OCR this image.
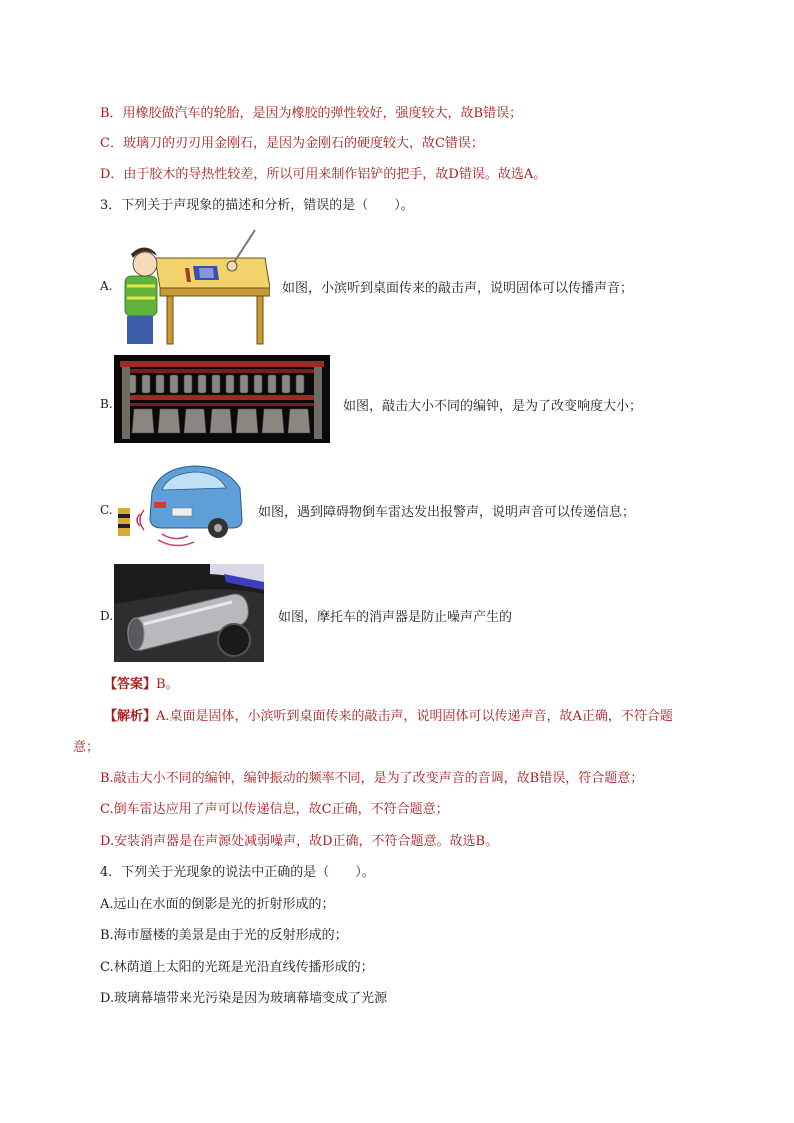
B．用橡胶做汽车的轮胎，是因为橡胶的弹性较好，强度较大，故B错误；
C．玻璃刀的刃刃用金刚石，是因为金刚石的硬度较大，故C错误；
D．由于胶木的导热性较差，所以可用来制作铝铲的把手，故D错误。故选A。
3．下列关于声现象的描述和分析，错误的是（　　）。
A.	如图，小滨听到桌面传来的敲击声，说明固体可以传播声音；
B.	如图，敲击大小不同的编钟，是为了改变响度大小；
C.	如图，遇到障碍物倒车雷达发出报警声，说明声音可以传递信息；
D.	如图，摩托车的消声器是防止噪声产生的
【答案】B。
【解析】A.桌面是固体，小滨听到桌面传来的敲击声，说明固体可以传递声音，故A正确，不符合题
意；
B.敲击大小不同的编钟，编钟振动的频率不同，是为了改变声音的音调，故B错误，符合题意；
C.倒车雷达应用了声可以传递信息，故C正确，不符合题意；
D.安装消声器是在声源处减弱噪声，故D正确，不符合题意。故选B。
4．下列关于光现象的说法中正确的是（　　）。
A.远山在水面的倒影是光的折射形成的；
B.海市蜃楼的美景是由于光的反射形成的；
C.林荫道上太阳的光斑是光沿直线传播形成的；
D.玻璃幕墙带来光污染是因为玻璃幕墙变成了光源
